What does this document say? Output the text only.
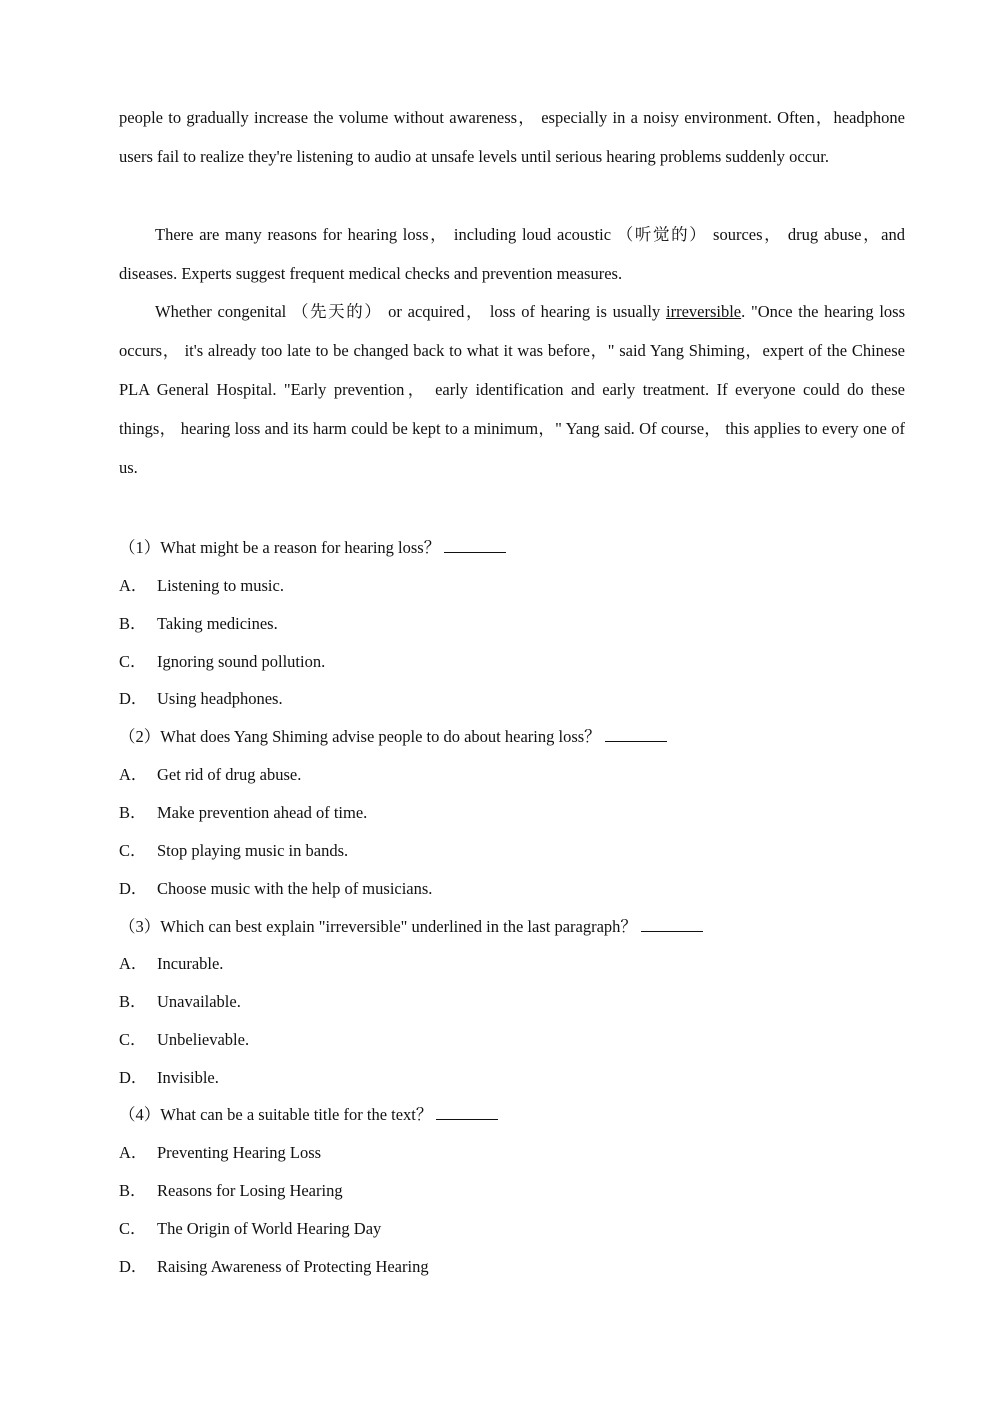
people to gradually increase the volume without awareness， especially in a noisy environment. Often，headphone users fail to realize they're listening to audio at unsafe levels until serious hearing problems suddenly occur.

There are many reasons for hearing loss， including loud acoustic （听觉的） sources， drug abuse，and diseases. Experts suggest frequent medical checks and prevention measures.

Whether congenital （先天的） or acquired， loss of hearing is usually irreversible. "Once the hearing loss occurs， it's already too late to be changed back to what it was before，" said Yang Shiming，expert of the Chinese PLA General Hospital. "Early prevention， early identification and early treatment. If everyone could do these things， hearing loss and its harm could be kept to a minimum，" Yang said. Of course， this applies to every one of us.

（1）What might be a reason for hearing loss？
A． Listening to music.
B． Taking medicines.
C． Ignoring sound pollution.
D． Using headphones.
（2）What does Yang Shiming advise people to do about hearing loss？
A． Get rid of drug abuse.
B． Make prevention ahead of time.
C． Stop playing music in bands.
D． Choose music with the help of musicians.
（3）Which can best explain "irreversible" underlined in the last paragraph？
A． Incurable.
B． Unavailable.
C． Unbelievable.
D． Invisible.
（4）What can be a suitable title for the text？
A． Preventing Hearing Loss
B． Reasons for Losing Hearing
C． The Origin of World Hearing Day
D． Raising Awareness of Protecting Hearing
